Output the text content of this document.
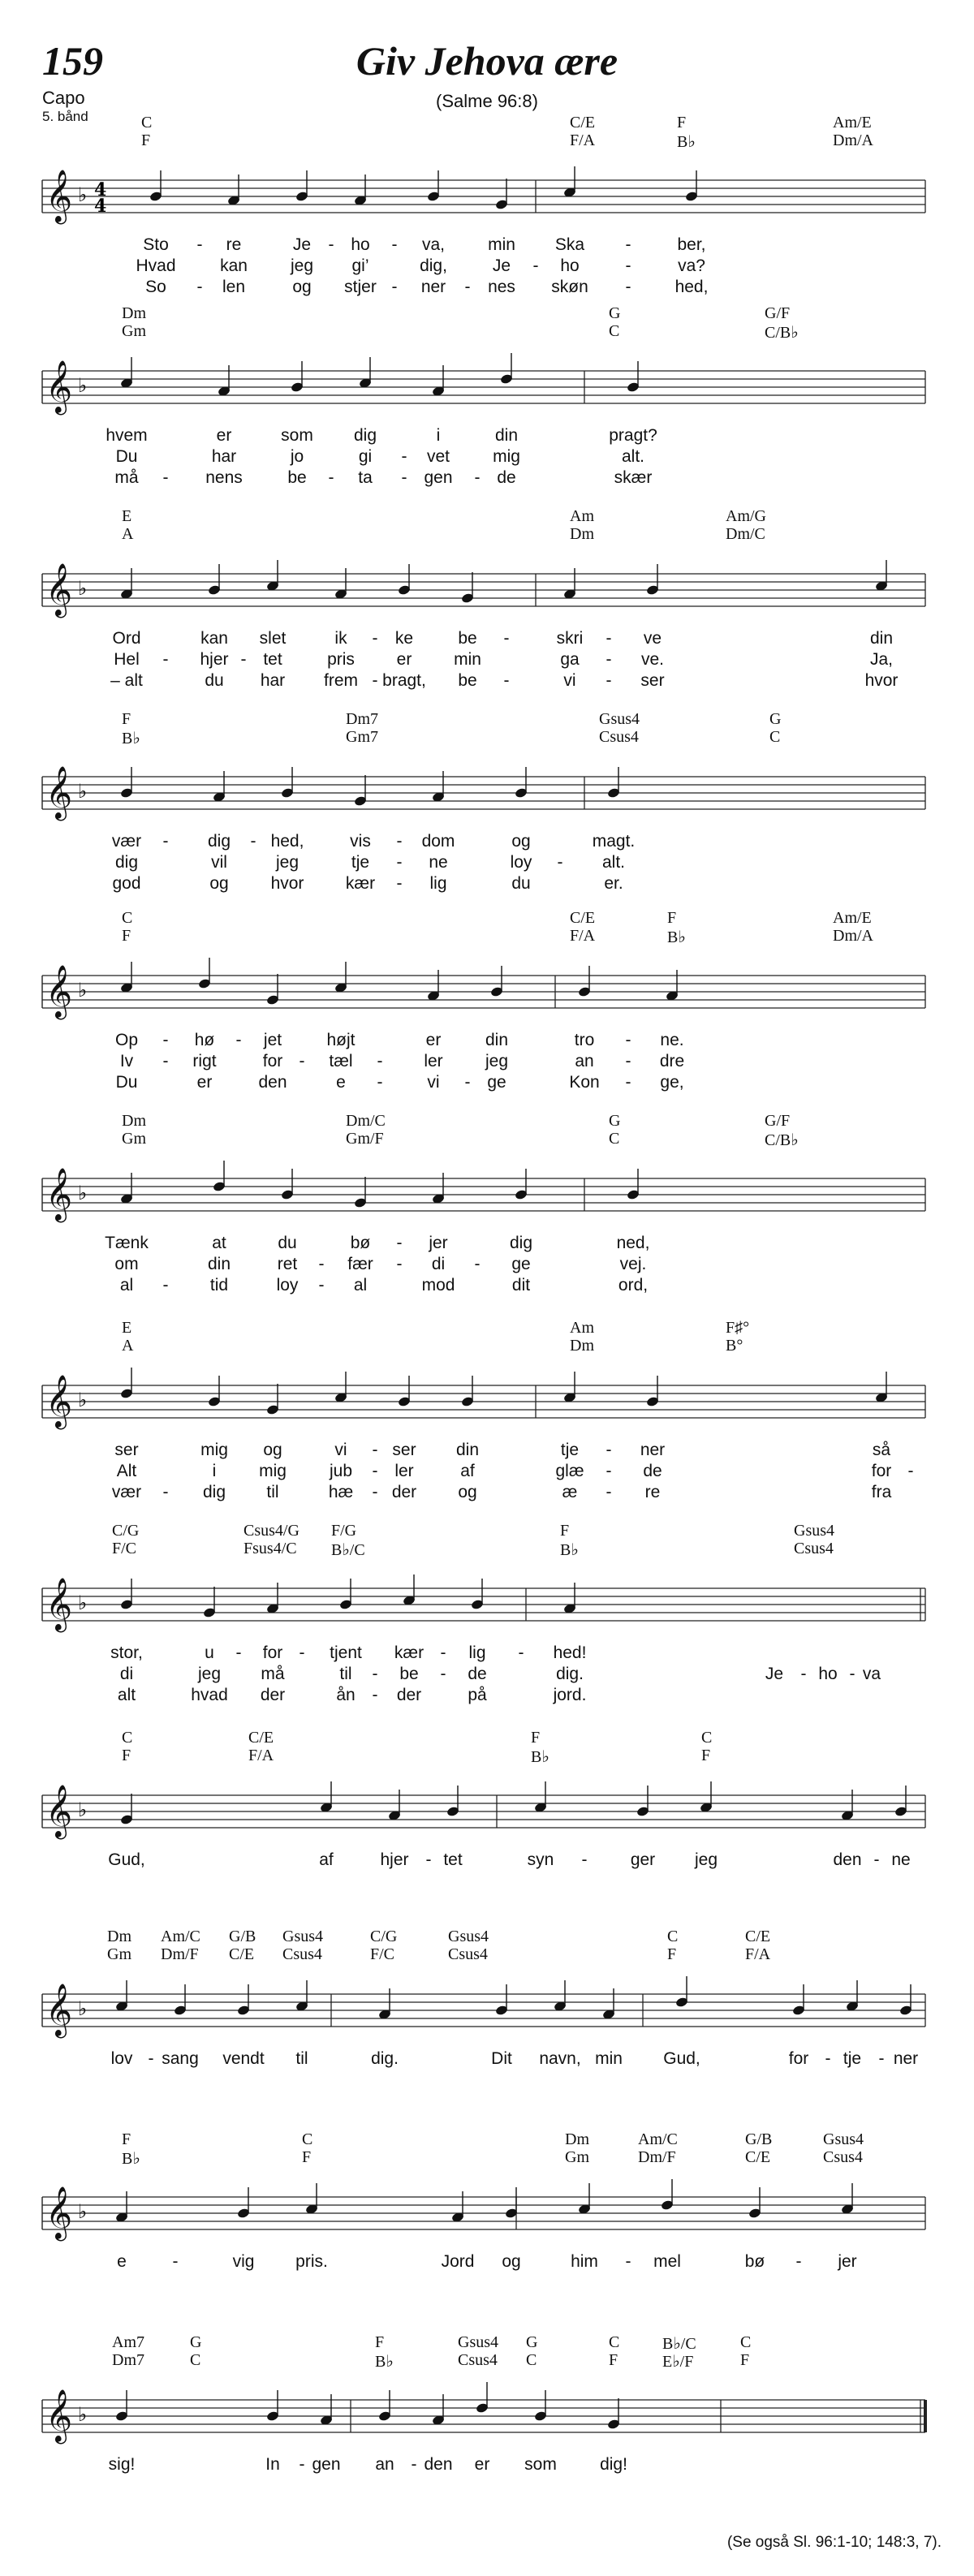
159	Giv Jehova ære
(Salme 96:8)
Capo
5. bånd	C	C/E	F	Am/E
F	F/A	B♭	Dm/A
𝄞 ♭ 4
4
Sto - re	Je - ho - va,	min Ska -	ber,
Hvad	kan	jeg gi’	dig,	Je - ho	-	va?
So - len	og stjer - ner - nes skøn -	hed,
Dm	G	G/F
Gm	C	C/B♭
𝄞 ♭
hvem	er	som dig	i	din	pragt?
Du	har	jo	gi - vet	mig	alt.
må - nens	be - ta - gen - de	skær
E	Am	Am/G
A	Dm	Dm/C
𝄞 ♭
Ord	kan slet	ik - ke	be -	skri - ve	din
Hel - hjer - tet	pris er min	ga - ve.	Ja,
– alt	du har frem - bragt, be -	vi - ser	hvor
F	Dm7	Gsus4	G
B♭	Gm7	Csus4	C
𝄞 ♭
vær - dig - hed,	vis - dom	og	magt.
dig	vil	jeg	tje - ne	loy - alt.
god	og hvor kær - lig	du	er.
C	C/E	F	Am/E
F	F/A	B♭	Dm/A
𝄞 ♭
Op - hø - jet	højt	er	din	tro - ne.
Iv - rigt	for - tæl - ler jeg	an - dre
Du	er	den	e -	vi - ge	Kon - ge,
Dm	Dm/C	G	G/F
Gm	Gm/F	C	C/B♭
𝄞 ♭
Tænk	at	du	bø - jer	dig	ned,
om	din	ret - fær - di - ge	vej.
al - tid	loy - al	mod	dit	ord,
E	Am	F♯°
A	Dm	B°
𝄞 ♭
ser	mig og	vi - ser din	tje - ner	så
Alt	i	mig	jub - ler	af	glæ - de	for -
vær - dig til	hæ - der og	æ - re	fra
C/G	Csus4/G F/G	F	Gsus4
F/C	Fsus4/C B♭/C	B♭	Csus4
𝄞 ♭
stor,	u - for - tjent kær - lig - hed!
di	jeg må	til - be - de	dig.	Je - ho - va
alt	hvad der	ån - der	på	jord.
C	C/E	F	C
F	F/A	B♭	F
𝄞 ♭
Gud,	af	hjer - tet	syn -	ger jeg	den - ne
Dm Am/C G/B Gsus4	C/G	Gsus4	C	C/E
Gm Dm/F C/E Csus4	F/C	Csus4	F	F/A
𝄞 ♭
lov - sang vendt til	dig.	Dit navn, min Gud,	for - tje - ner
F	C	Dm	Am/C	G/B	Gsus4
B♭	F	Gm	Dm/F	C/E	Csus4
𝄞 ♭
e	-	vig pris.	Jord og	him - mel	bø - jer
Am7	G	F	Gsus4 G	C	B♭/C	C
Dm7	C	B♭	Csus4 C	F	E♭/F	F
𝄞 ♭
sig!	In - gen an - den er som	dig!
(Se også Sl. 96:1-10; 148:3, 7).
